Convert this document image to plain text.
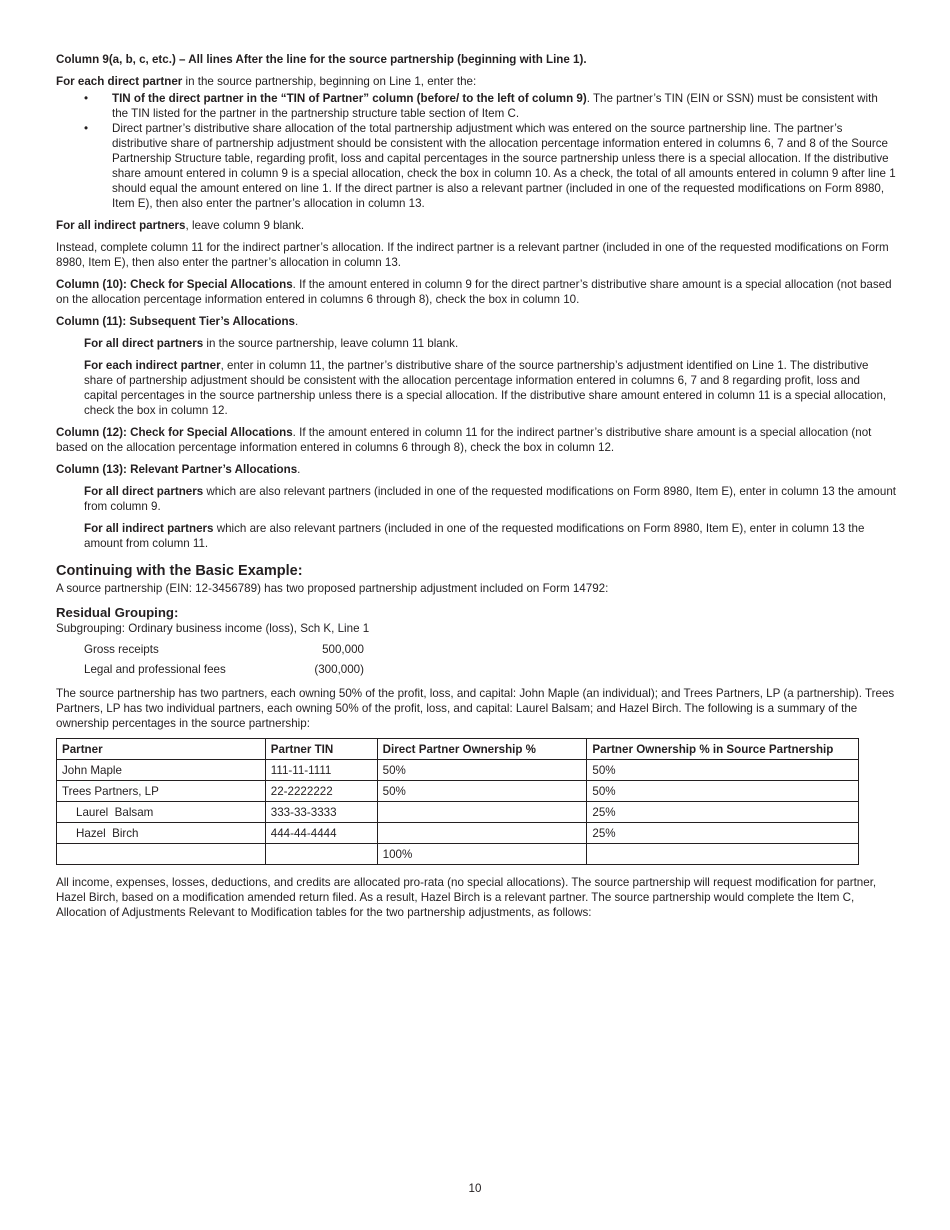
Column 9(a, b, c, etc.) – All lines After the line for the source partnership (beginning with Line 1).

For each direct partner in the source partnership, beginning on Line 1, enter the:

• TIN of the direct partner in the “TIN of Partner” column (before/ to the left of column 9). The partner’s TIN (EIN or SSN) must be consistent with the TIN listed for the partner in the partnership structure table section of Item C.
• Direct partner’s distributive share allocation of the total partnership adjustment which was entered on the source partnership line. The partner’s distributive share of partnership adjustment should be consistent with the allocation percentage information entered in columns 6, 7 and 8 of the Source Partnership Structure table, regarding profit, loss and capital percentages in the source partnership unless there is a special allocation. If the distributive share amount entered in column 9 is a special allocation, check the box in column 10. As a check, the total of all amounts entered in column 9 after line 1 should equal the amount entered on line 1. If the direct partner is also a relevant partner (included in one of the requested modifications on Form 8980, Item E), then also enter the partner’s allocation in column 13.

For all indirect partners, leave column 9 blank.

Instead, complete column 11 for the indirect partner’s allocation. If the indirect partner is a relevant partner (included in one of the requested modifications on Form 8980, Item E), then also enter the partner’s allocation in column 13.

Column (10): Check for Special Allocations. If the amount entered in column 9 for the direct partner’s distributive share amount is a special allocation (not based on the allocation percentage information entered in columns 6 through 8), check the box in column 10.

Column (11): Subsequent Tier’s Allocations.

For all direct partners in the source partnership, leave column 11 blank.

For each indirect partner, enter in column 11, the partner’s distributive share of the source partnership’s adjustment identified on Line 1. The distributive share of partnership adjustment should be consistent with the allocation percentage information entered in columns 6, 7 and 8 regarding profit, loss and capital percentages in the source partnership unless there is a special allocation. If the distributive share amount entered in column 11 is a special allocation, check the box in column 12.

Column (12): Check for Special Allocations. If the amount entered in column 11 for the indirect partner’s distributive share amount is a special allocation (not based on the allocation percentage information entered in columns 6 through 8), check the box in column 12.

Column (13): Relevant Partner’s Allocations.

For all direct partners which are also relevant partners (included in one of the requested modifications on Form 8980, Item E), enter in column 13 the amount from column 9.

For all indirect partners which are also relevant partners (included in one of the requested modifications on Form 8980, Item E), enter in column 13 the amount from column 11.

Continuing with the Basic Example:

A source partnership (EIN: 12-3456789) has two proposed partnership adjustment included on Form 14792:

Residual Grouping:
Subgrouping: Ordinary business income (loss), Sch K, Line 1
Gross receipts	500,000
Legal and professional fees	(300,000)

The source partnership has two partners, each owning 50% of the profit, loss, and capital: John Maple (an individual); and Trees Partners, LP (a partnership). Trees Partners, LP has two individual partners, each owning 50% of the profit, loss, and capital: Laurel Balsam; and Hazel Birch. The following is a summary of the ownership percentages in the source partnership:

Partner	Partner TIN	Direct Partner Ownership %	Partner Ownership % in Source Partnership
John Maple	111-11-1111	50%	50%
Trees Partners, LP	22-2222222	50%	50%
Laurel  Balsam	333-33-3333		25%
Hazel  Birch	444-44-4444		25%
		100%	

All income, expenses, losses, deductions, and credits are allocated pro-rata (no special allocations). The source partnership will request modification for partner, Hazel Birch, based on a modification amended return filed. As a result, Hazel Birch is a relevant partner. The source partnership would complete the Item C, Allocation of Adjustments Relevant to Modification tables for the two partnership adjustments, as follows:

10
